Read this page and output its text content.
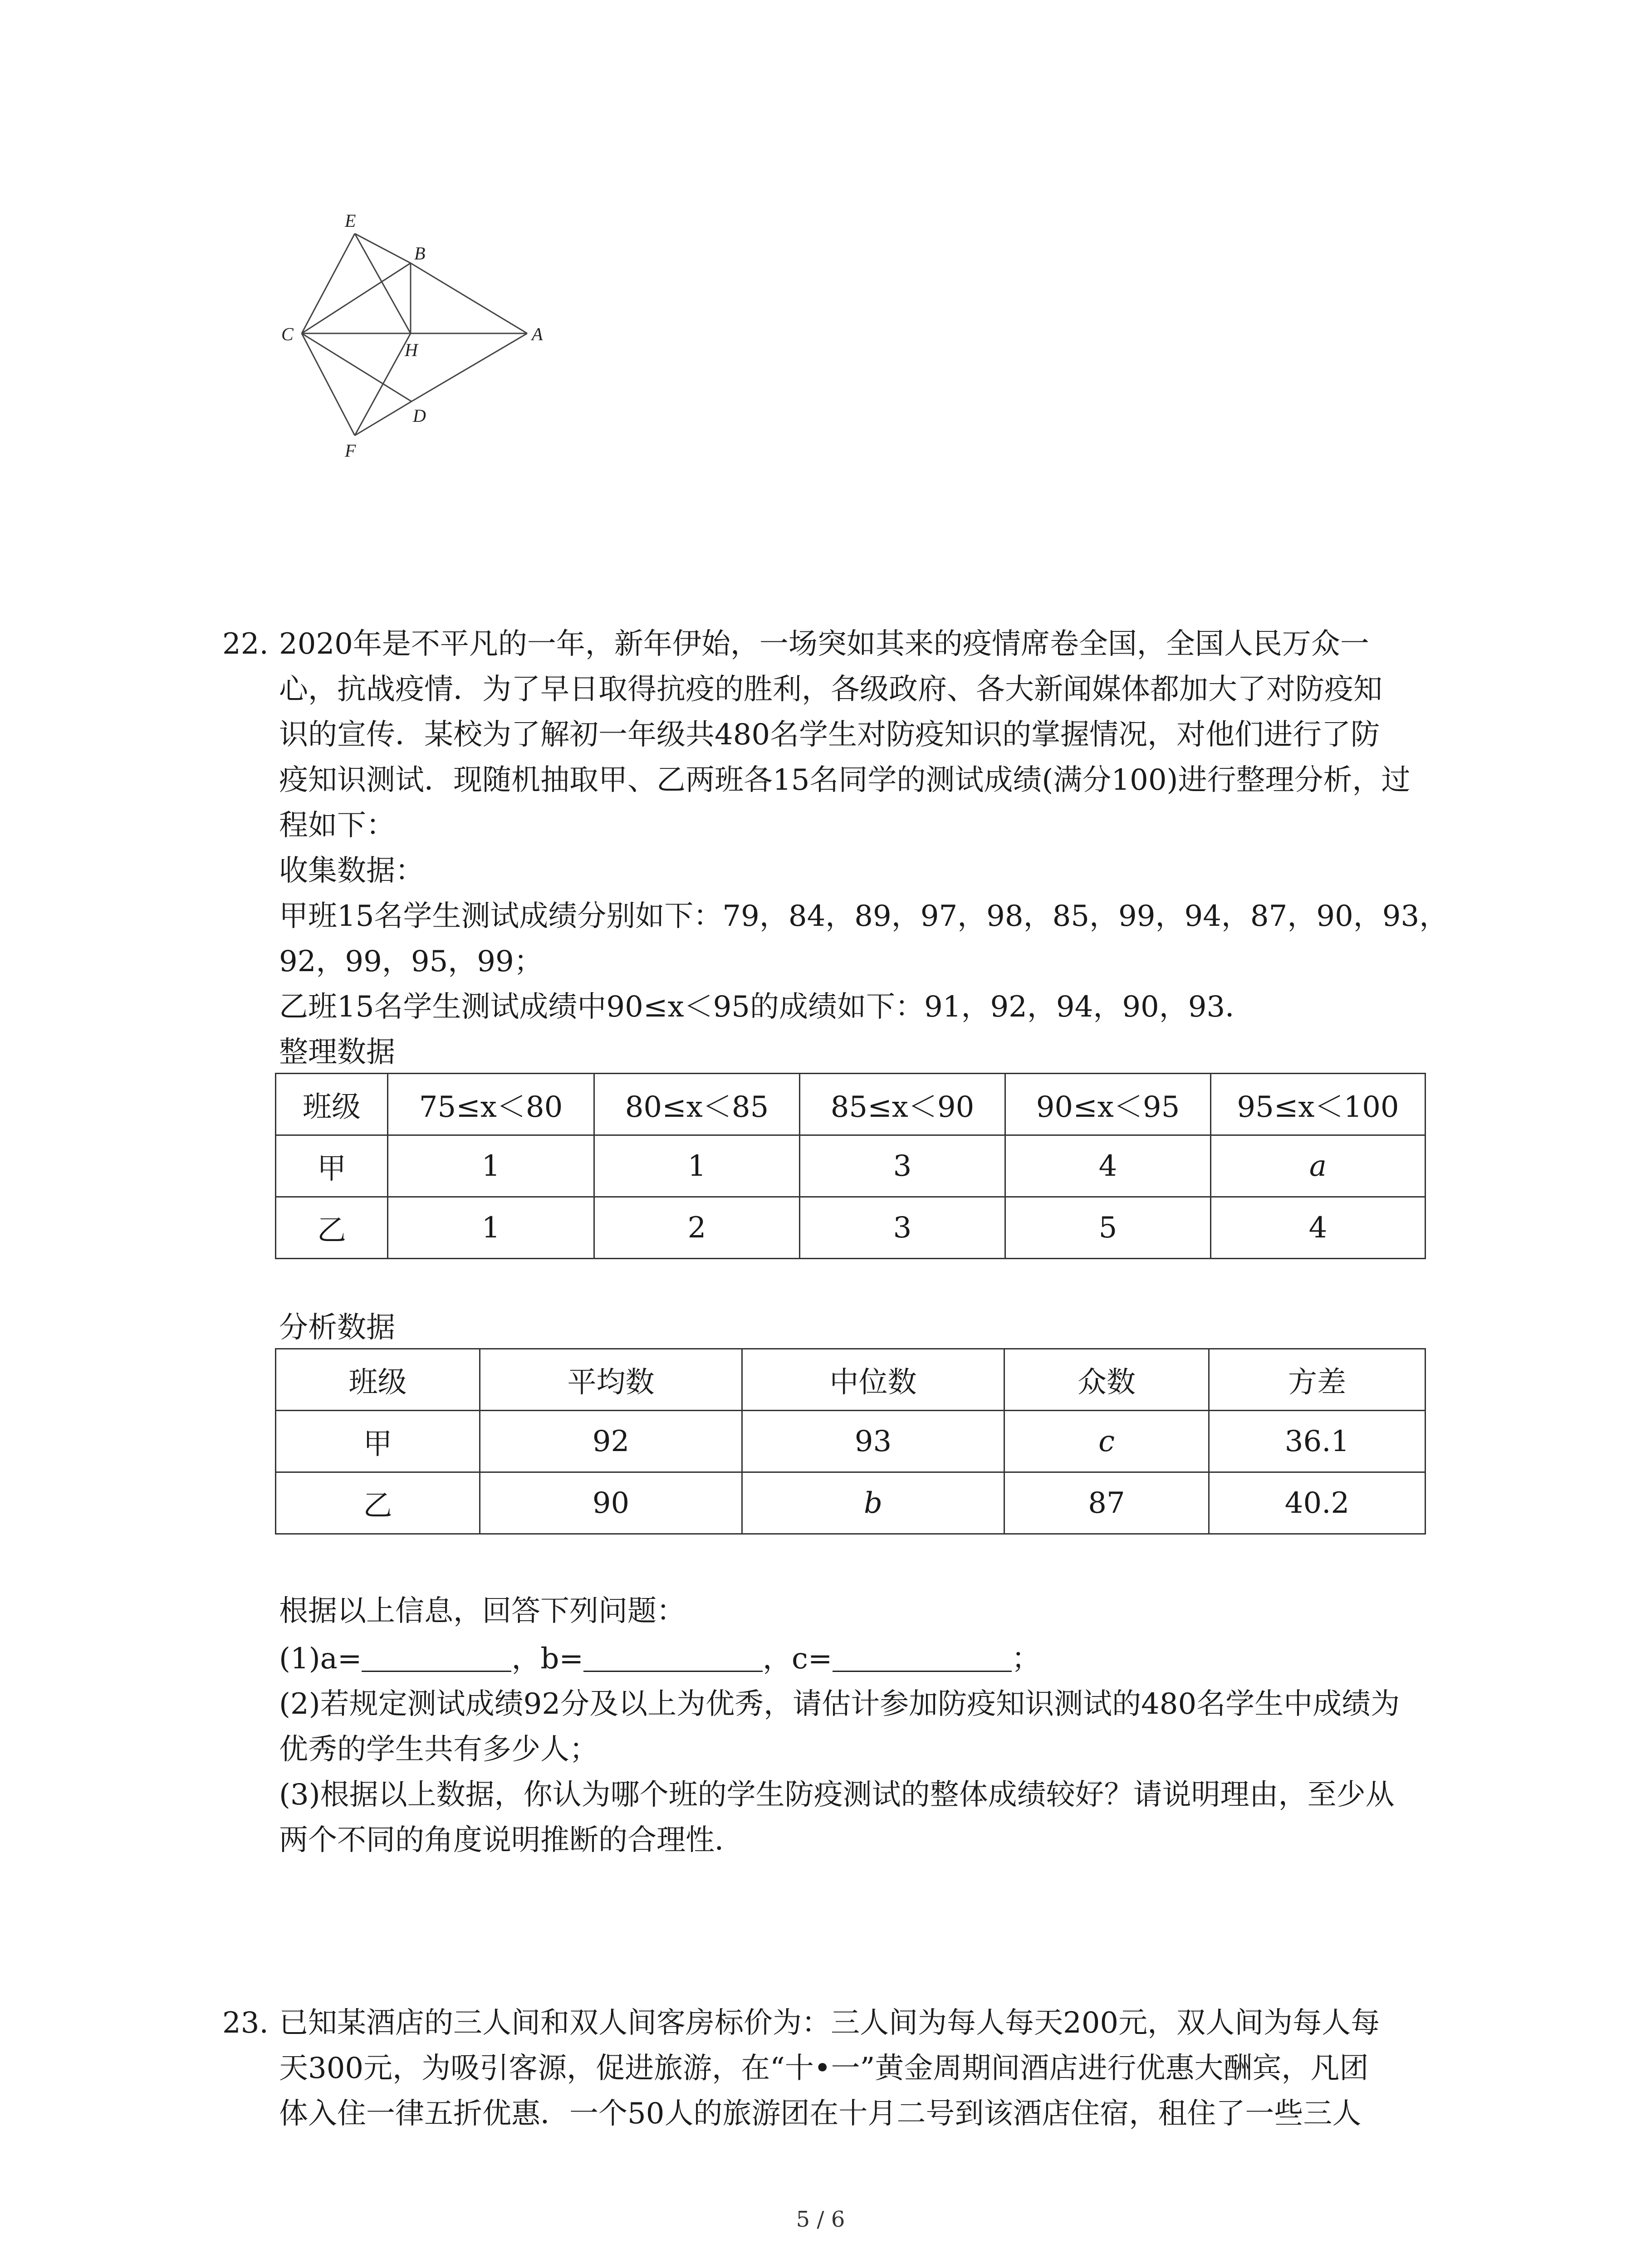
E
B
C
H
A
D
F
22. 2020年是不平凡的一年，新年伊始，一场突如其来的疫情席卷全国，全国人民万众一
心，抗战疫情．为了早日取得抗疫的胜利，各级政府、各大新闻媒体都加大了对防疫知
识的宣传．某校为了解初一年级共480名学生对防疫知识的掌握情况，对他们进行了防
疫知识测试．现随机抽取甲、乙两班各15名同学的测试成绩(满分100)进行整理分析，过
程如下：
收集数据：
甲班15名学生测试成绩分别如下：79，84，89，97，98，85，99，94，87，90，93，
92，99，95，99；
乙班15名学生测试成绩中90≤x＜95的成绩如下：91，92，94，90，93．
整理数据
班级	75≤x＜80	80≤x＜85	85≤x＜90	90≤x＜95	95≤x＜100
甲	1	1	3	4	a
乙	1	2	3	5	4
分析数据
班级	平均数	中位数	众数	方差
甲	92	93	c	36.1
乙	90	b	87	40.2
根据以上信息，回答下列问题：
(1)a=	，b=	，c=	；
(2)若规定测试成绩92分及以上为优秀，请估计参加防疫知识测试的480名学生中成绩为
优秀的学生共有多少人；
(3)根据以上数据，你认为哪个班的学生防疫测试的整体成绩较好？请说明理由，至少从
两个不同的角度说明推断的合理性．
23. 已知某酒店的三人间和双人间客房标价为：三人间为每人每天200元，双人间为每人每
天300元，为吸引客源，促进旅游，在“十•一”黄金周期间酒店进行优惠大酬宾，凡团
体入住一律五折优惠．一个50人的旅游团在十月二号到该酒店住宿，租住了一些三人
5 / 6
